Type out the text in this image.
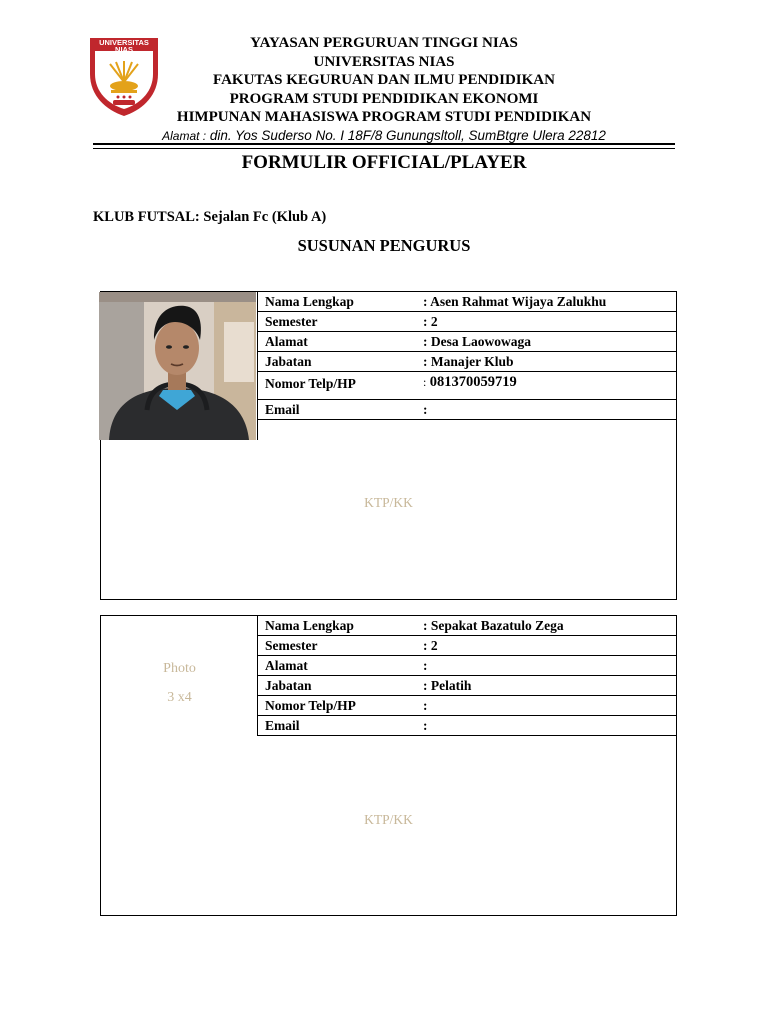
UNIVERSITAS
NIAS	YAYASAN PERGURUAN TINGGI NIAS
UNIVERSITAS NIAS
FAKUTAS KEGURUAN DAN ILMU PENDIDIKAN
PROGRAM STUDI PENDIDIKAN EKONOMI
HIMPUNAN MAHASISWA PROGRAM STUDI PENDIDIKAN
Alamat : din. Yos Suderso No. I 18F/8 Gunungsltoll, SumBtgre Ulera 22812
FORMULIR OFFICIAL/PLAYER
KLUB FUTSAL: Sejalan Fc (Klub A)
SUSUNAN PENGURUS
Nama Lengkap	: Asen Rahmat Wijaya Zalukhu
Semester	: 2
Alamat	: Desa Laowowaga
Jabatan	: Manajer Klub
Nomor Telp/HP	: 081370059719
Email	:
KTP/KK
Photo
3 x4
Nama Lengkap	: Sepakat Bazatulo Zega
Semester	: 2
Alamat	:
Jabatan	: Pelatih
Nomor Telp/HP	:
Email	:
KTP/KK
